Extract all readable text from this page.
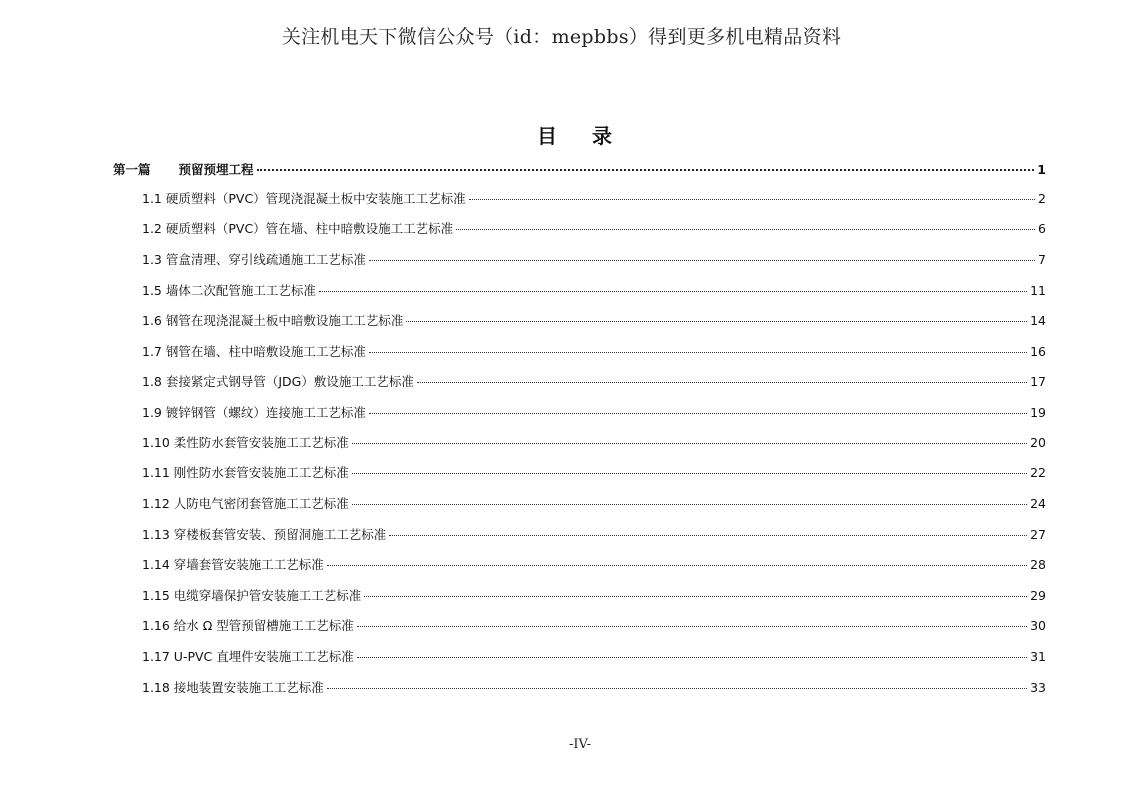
关注机电天下微信公众号（id：mepbbs）得到更多机电精品资料
目 录
第一篇 预留预埋工程	1
1.1 硬质塑料（PVC）管现浇混凝土板中安装施工工艺标准	2
1.2 硬质塑料（PVC）管在墙、柱中暗敷设施工工艺标准	6
1.3 管盒清理、穿引线疏通施工工艺标准	7
1.5 墙体二次配管施工工艺标准	11
1.6 钢管在现浇混凝土板中暗敷设施工工艺标准	14
1.7 钢管在墙、柱中暗敷设施工工艺标准	16
1.8 套接紧定式钢导管（JDG）敷设施工工艺标准	17
1.9 镀锌钢管（螺纹）连接施工工艺标准	19
1.10 柔性防水套管安装施工工艺标准	20
1.11 刚性防水套管安装施工工艺标准	22
1.12 人防电气密闭套管施工工艺标准	24
1.13 穿楼板套管安装、预留洞施工工艺标准	27
1.14 穿墙套管安装施工工艺标准	28
1.15 电缆穿墙保护管安装施工工艺标准	29
1.16 给水 Ω 型管预留槽施工工艺标准	30
1.17 U-PVC 直埋件安装施工工艺标准	31
1.18 接地装置安装施工工艺标准	33
-IV-
